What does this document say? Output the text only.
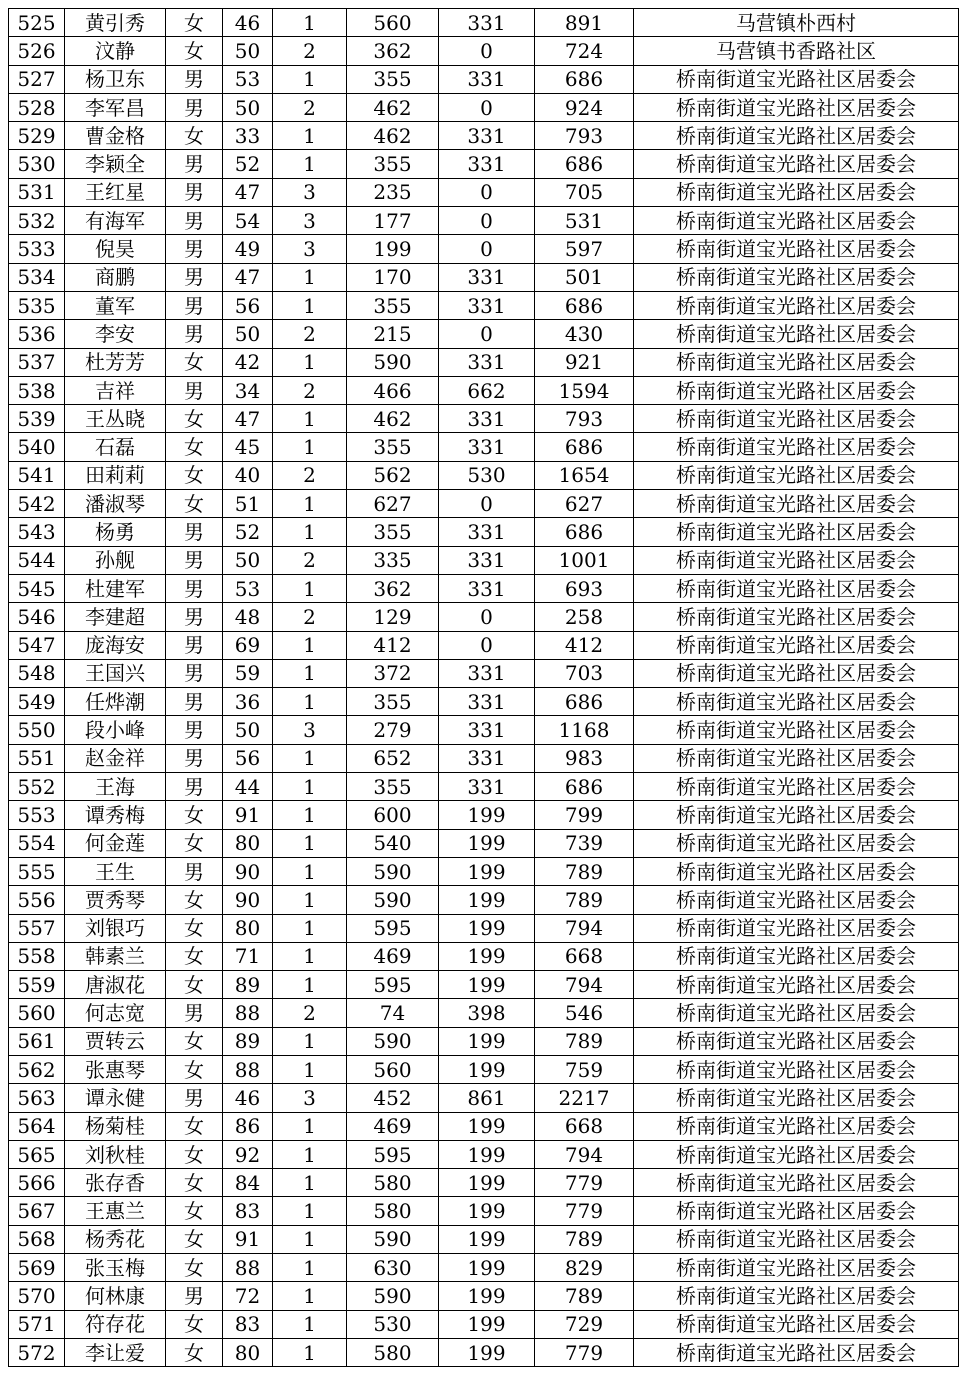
525	黄引秀	女	46	1	560	331	891	马营镇朴西村
526	汶静	女	50	2	362	0	724	马营镇书香路社区
527	杨卫东	男	53	1	355	331	686	桥南街道宝光路社区居委会
528	李军昌	男	50	2	462	0	924	桥南街道宝光路社区居委会
529	曹金格	女	33	1	462	331	793	桥南街道宝光路社区居委会
530	李颖全	男	52	1	355	331	686	桥南街道宝光路社区居委会
531	王红星	男	47	3	235	0	705	桥南街道宝光路社区居委会
532	有海军	男	54	3	177	0	531	桥南街道宝光路社区居委会
533	倪昊	男	49	3	199	0	597	桥南街道宝光路社区居委会
534	商鹏	男	47	1	170	331	501	桥南街道宝光路社区居委会
535	董军	男	56	1	355	331	686	桥南街道宝光路社区居委会
536	李安	男	50	2	215	0	430	桥南街道宝光路社区居委会
537	杜芳芳	女	42	1	590	331	921	桥南街道宝光路社区居委会
538	吉祥	男	34	2	466	662	1594	桥南街道宝光路社区居委会
539	王丛晓	女	47	1	462	331	793	桥南街道宝光路社区居委会
540	石磊	女	45	1	355	331	686	桥南街道宝光路社区居委会
541	田莉莉	女	40	2	562	530	1654	桥南街道宝光路社区居委会
542	潘淑琴	女	51	1	627	0	627	桥南街道宝光路社区居委会
543	杨勇	男	52	1	355	331	686	桥南街道宝光路社区居委会
544	孙舰	男	50	2	335	331	1001	桥南街道宝光路社区居委会
545	杜建军	男	53	1	362	331	693	桥南街道宝光路社区居委会
546	李建超	男	48	2	129	0	258	桥南街道宝光路社区居委会
547	庞海安	男	69	1	412	0	412	桥南街道宝光路社区居委会
548	王国兴	男	59	1	372	331	703	桥南街道宝光路社区居委会
549	任烨潮	男	36	1	355	331	686	桥南街道宝光路社区居委会
550	段小峰	男	50	3	279	331	1168	桥南街道宝光路社区居委会
551	赵金祥	男	56	1	652	331	983	桥南街道宝光路社区居委会
552	王海	男	44	1	355	331	686	桥南街道宝光路社区居委会
553	谭秀梅	女	91	1	600	199	799	桥南街道宝光路社区居委会
554	何金莲	女	80	1	540	199	739	桥南街道宝光路社区居委会
555	王生	男	90	1	590	199	789	桥南街道宝光路社区居委会
556	贾秀琴	女	90	1	590	199	789	桥南街道宝光路社区居委会
557	刘银巧	女	80	1	595	199	794	桥南街道宝光路社区居委会
558	韩素兰	女	71	1	469	199	668	桥南街道宝光路社区居委会
559	唐淑花	女	89	1	595	199	794	桥南街道宝光路社区居委会
560	何志宽	男	88	2	74	398	546	桥南街道宝光路社区居委会
561	贾转云	女	89	1	590	199	789	桥南街道宝光路社区居委会
562	张惠琴	女	88	1	560	199	759	桥南街道宝光路社区居委会
563	谭永健	男	46	3	452	861	2217	桥南街道宝光路社区居委会
564	杨菊桂	女	86	1	469	199	668	桥南街道宝光路社区居委会
565	刘秋桂	女	92	1	595	199	794	桥南街道宝光路社区居委会
566	张存香	女	84	1	580	199	779	桥南街道宝光路社区居委会
567	王惠兰	女	83	1	580	199	779	桥南街道宝光路社区居委会
568	杨秀花	女	91	1	590	199	789	桥南街道宝光路社区居委会
569	张玉梅	女	88	1	630	199	829	桥南街道宝光路社区居委会
570	何林康	男	72	1	590	199	789	桥南街道宝光路社区居委会
571	符存花	女	83	1	530	199	729	桥南街道宝光路社区居委会
572	李让爱	女	80	1	580	199	779	桥南街道宝光路社区居委会
